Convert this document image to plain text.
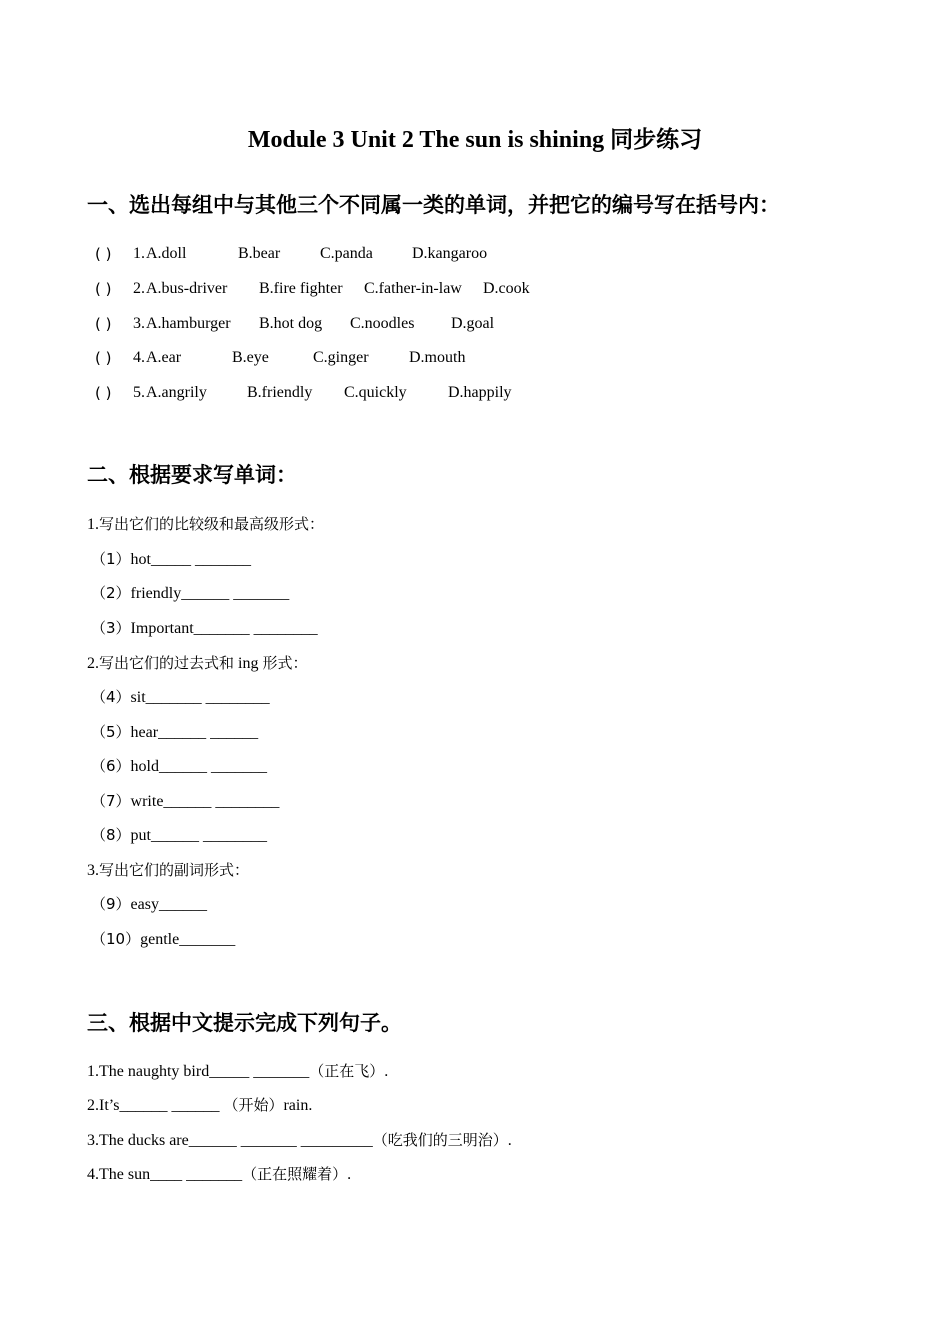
Module 3 Unit 2 The sun is shining 同步练习
一、选出每组中与其他三个不同属一类的单词，并把它的编号写在括号内：
( ) 1. A.doll	B.bear C.panda D.kangaroo
( ) 2. A.bus-driver B.fire fighter C.father-in-law D.cook
( ) 3. A.hamburger B.hot dog C.noodles D.goal
( ) 4. A.ear	B.eye	C.ginger	D.mouth
( ) 5. A.angrily	B.friendly C.quickly	D.happily
二、根据要求写单词：
1.写出它们的比较级和最高级形式：
（1）hot_____ _______
（2）friendly______ _______
（3）Important_______ ________
2.写出它们的过去式和 ing 形式：
（4）sit_______ ________
（5）hear______ ______
（6）hold______ _______
（7）write______ ________
（8）put______ ________
3.写出它们的副词形式：
（9）easy______
（10）gentle_______
三、根据中文提示完成下列句子。
1.The naughty bird_____ _______（正在飞）.
2.It’s______ ______ （开始）rain.
3.The ducks are______ _______ _________（吃我们的三明治）.
4.The sun____ _______（正在照耀着）.
